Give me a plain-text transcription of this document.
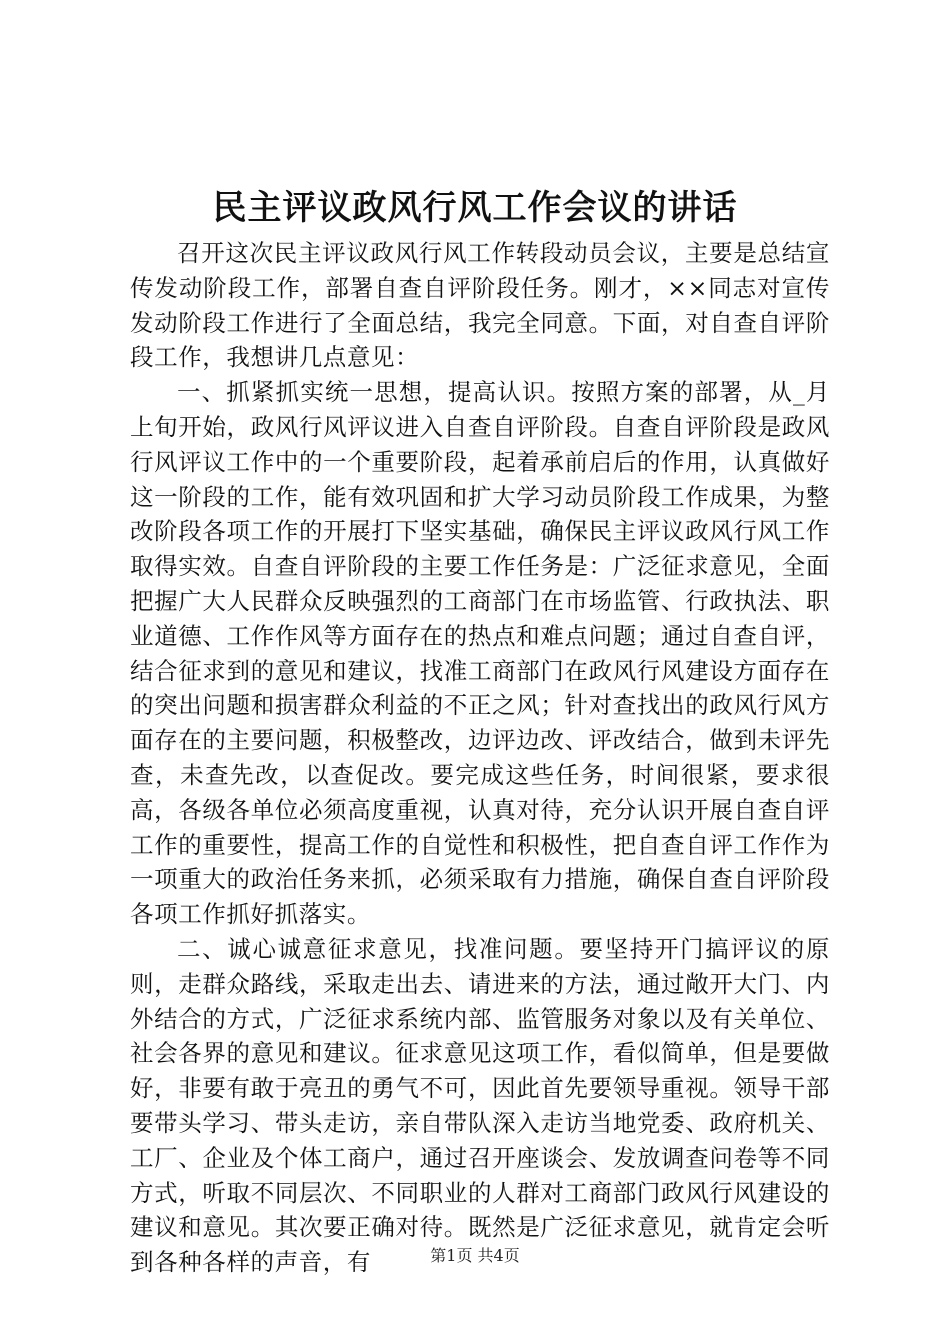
民主评议政风行风工作会议的讲话

召开这次民主评议政风行风工作转段动员会议，主要是总结宣传发动阶段工作，部署自查自评阶段任务。刚才，××同志对宣传发动阶段工作进行了全面总结，我完全同意。下面，对自查自评阶段工作，我想讲几点意见：

一、抓紧抓实统一思想，提高认识。按照方案的部署，从_月上旬开始，政风行风评议进入自查自评阶段。自查自评阶段是政风行风评议工作中的一个重要阶段，起着承前启后的作用，认真做好这一阶段的工作，能有效巩固和扩大学习动员阶段工作成果，为整改阶段各项工作的开展打下坚实基础，确保民主评议政风行风工作取得实效。自查自评阶段的主要工作任务是：广泛征求意见，全面把握广大人民群众反映强烈的工商部门在市场监管、行政执法、职业道德、工作作风等方面存在的热点和难点问题；通过自查自评，结合征求到的意见和建议，找准工商部门在政风行风建设方面存在的突出问题和损害群众利益的不正之风；针对查找出的政风行风方面存在的主要问题，积极整改，边评边改、评改结合，做到未评先查，未查先改，以查促改。要完成这些任务，时间很紧，要求很高，各级各单位必须高度重视，认真对待，充分认识开展自查自评工作的重要性，提高工作的自觉性和积极性，把自查自评工作作为一项重大的政治任务来抓，必须采取有力措施，确保自查自评阶段各项工作抓好抓落实。

二、诚心诚意征求意见，找准问题。要坚持开门搞评议的原则，走群众路线，采取走出去、请进来的方法，通过敞开大门、内外结合的方式，广泛征求系统内部、监管服务对象以及有关单位、社会各界的意见和建议。征求意见这项工作，看似简单，但是要做好，非要有敢于亮丑的勇气不可，因此首先要领导重视。领导干部要带头学习、带头走访，亲自带队深入走访当地党委、政府机关、工厂、企业及个体工商户，通过召开座谈会、发放调查问卷等不同方式，听取不同层次、不同职业的人群对工商部门政风行风建设的建议和意见。其次要正确对待。既然是广泛征求意见，就肯定会听到各种各样的声音，有	第1页 共4页
